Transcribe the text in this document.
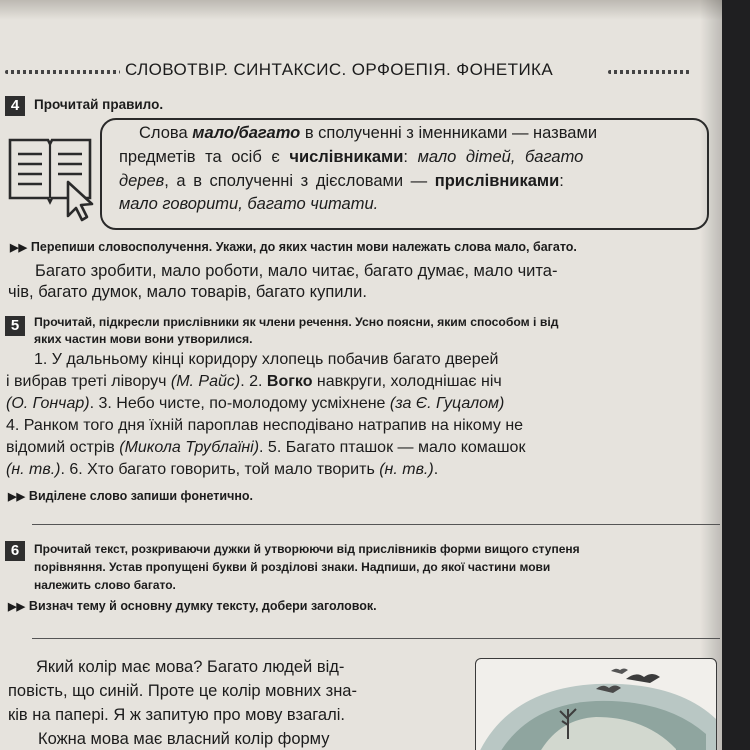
СЛОВОТВІР. СИНТАКСИС. ОРФОЕПІЯ. ФОНЕТИКА
4	Прочитай правило.
Слова мало/багато в сполученні з іменниками — назвами
предметів та осіб є числівниками: мало дітей, багато
дерев, а в сполученні з дієсловами — прислівниками:
мало говорити, багато читати.
▶▶ Перепиши словосполучення. Укажи, до яких частин мови належать слова мало, багато.
Багато зробити, мало роботи, мало читає, багато думає, мало чита-
чів, багато думок, мало товарів, багато купили.
5	Прочитай, підкресли прислівники як члени речення. Усно поясни, яким способом і від
яких частин мови вони утворилися.
1. У дальньому кінці коридору хлопець побачив багато дверей
і вибрав треті ліворуч (М. Райс). 2. Вогко навкруги, холоднішає ніч
(О. Гончар). 3. Небо чисте, по-молодому усміхнене (за Є. Гуцалом)
4. Ранком того дня їхній пароплав несподівано натрапив на нікому не
відомий острів (Микола Трублаїні). 5. Багато пташок — мало комашок
(н. тв.). 6. Хто багато говорить, той мало творить (н. тв.).
▶▶ Виділене слово запиши фонетично.
6	Прочитай текст, розкриваючи дужки й утворюючи від прислівників форми вищого ступеня
порівняння. Устав пропущені букви й розділові знаки. Надпиши, до якої частини мови
належить слово багато.
▶▶ Визнач тему й основну думку тексту, добери заголовок.
Який колір має мова? Багато людей від-
повість, що синій. Проте це колір мовних зна-
ків на папері. Я ж запитую про мову взагалі.
Кожна мова має власний колір форму
